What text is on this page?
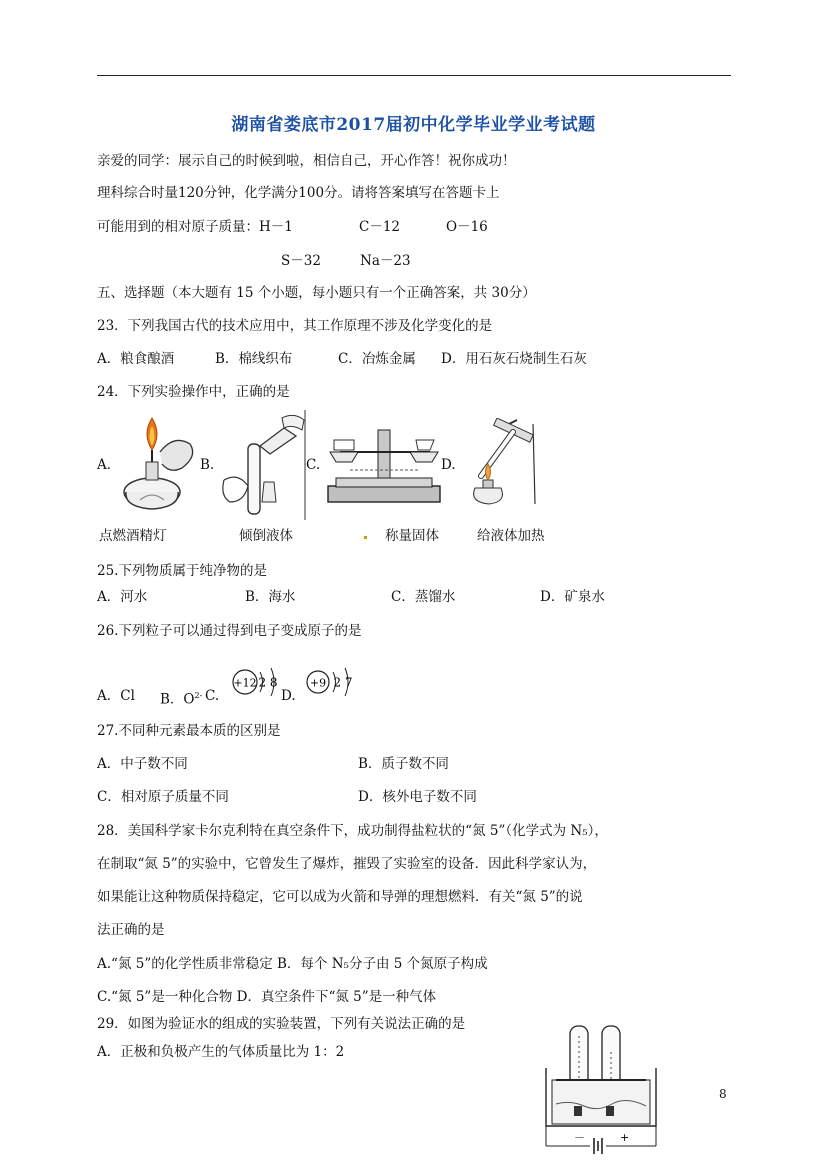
湖南省娄底市2017届初中化学毕业学业考试题
亲爱的同学：展示自己的时候到啦，相信自己，开心作答！祝你成功！
理科综合时量120分钟，化学满分100分。请将答案填写在答题卡上
可能用到的相对原子质量：H－1	C－12	O－16
S－32	Na－23
五、选择题（本大题有 15 个小题，每小题只有一个正确答案，共 30分）
23．下列我国古代的技术应用中，其工作原理不涉及化学变化的是
A．粮食酿酒	B．棉线织布	C．冶炼金属 D．用石灰石烧制生石灰
24．下列实验操作中，正确的是
A．	B.	C.	D.
点燃酒精灯	倾倒液体	称量固体	给液体加热
25.下列物质属于纯净物的是
A．河水	B．海水	C．蒸馏水	D．矿泉水
26.下列粒子可以通过得到电子变成原子的是
A．Cl B．$O^{2-}$ C.
+12 2 8
D.
+9 2 7
27.不同种元素最本质的区别是
A．中子数不同	B．质子数不同
C．相对原子质量不同	D．核外电子数不同
28．美国科学家卡尔克利特在真空条件下，成功制得盐粒状的“氮 5”（化学式为 N₅），
在制取“氮 5”的实验中，它曾发生了爆炸，摧毁了实验室的设备．因此科学家认为，
如果能让这种物质保持稳定，它可以成为火箭和导弹的理想燃料．有关“氮 5”的说
法正确的是
A.“氮 5”的化学性质非常稳定 B．每个 N₅分子由 5 个氮原子构成
C.“氮 5”是一种化合物 D．真空条件下“氮 5”是一种气体
29．如图为验证水的组成的实验装置，下列有关说法正确的是
A．正极和负极产生的气体质量比为 1：2
－	+
8
